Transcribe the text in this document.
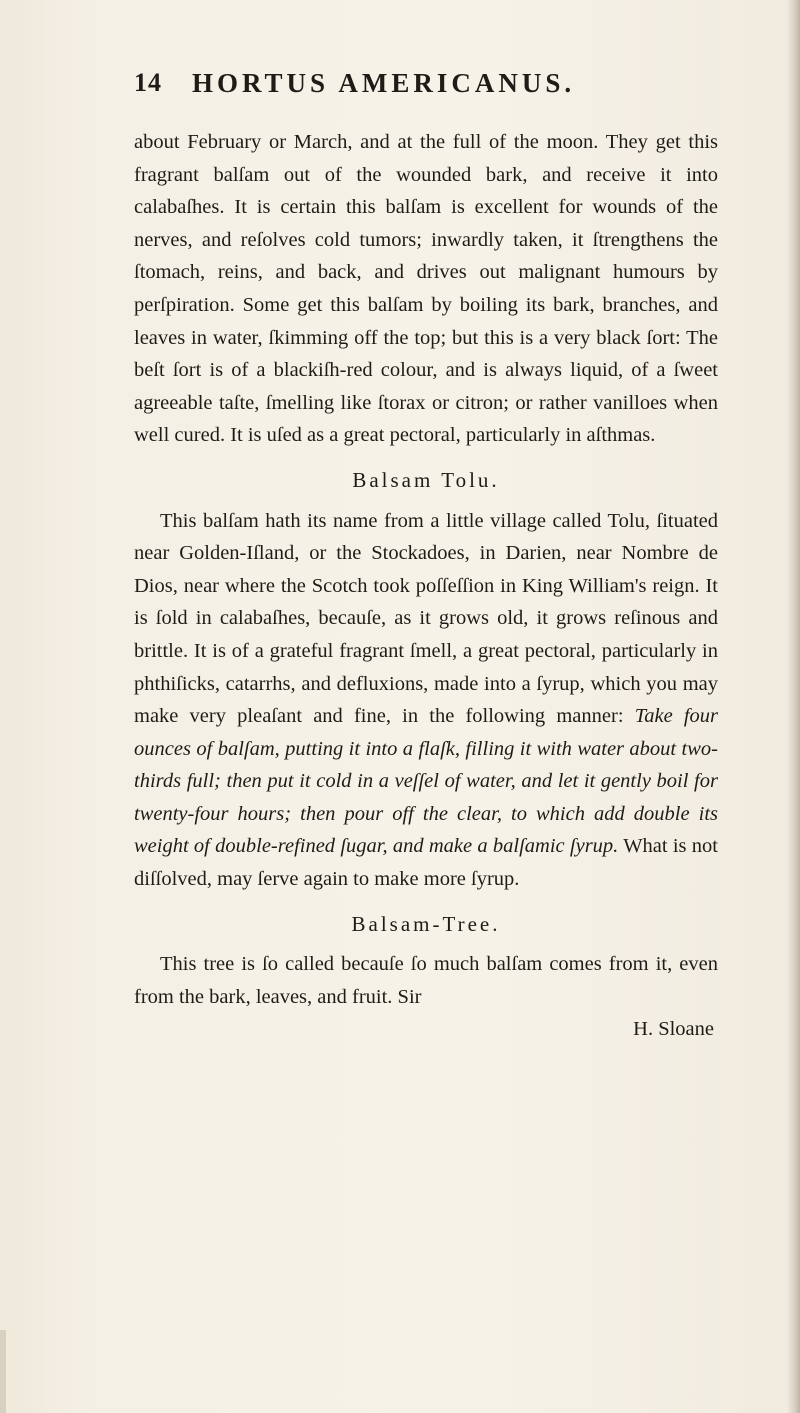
14 HORTUS AMERICANUS.

about February or March, and at the full of the moon. They get this fragrant balſam out of the wounded bark, and receive it into calabaſhes. It is certain this balſam is excellent for wounds of the nerves, and reſolves cold tumors; inwardly taken, it ſtrengthens the ſtomach, reins, and back, and drives out malignant humours by perſpiration. Some get this balſam by boiling its bark, branches, and leaves in water, ſkimming off the top; but this is a very black ſort: The beſt ſort is of a blackiſh-red colour, and is always liquid, of a ſweet agreeable taſte, ſmelling like ſtorax or citron; or rather vanilloes when well cured. It is uſed as a great pectoral, particularly in aſthmas.

Balsam Tolu.

This balſam hath its name from a little village called Tolu, ſituated near Golden-Iſland, or the Stockadoes, in Darien, near Nombre de Dios, near where the Scotch took poſſeſſion in King William's reign. It is ſold in calabaſhes, becauſe, as it grows old, it grows reſinous and brittle. It is of a grateful fragrant ſmell, a great pectoral, particularly in phthiſicks, catarrhs, and defluxions, made into a ſyrup, which you may make very pleaſant and fine, in the following manner: Take four ounces of balſam, putting it into a flaſk, filling it with water about two-thirds full; then put it cold in a veſſel of water, and let it gently boil for twenty-four hours; then pour off the clear, to which add double its weight of double-refined ſugar, and make a balſamic ſyrup. What is not diſſolved, may ſerve again to make more ſyrup.

Balsam-Tree.

This tree is ſo called becauſe ſo much balſam comes from it, even from the bark, leaves, and fruit. Sir

H. Sloane
